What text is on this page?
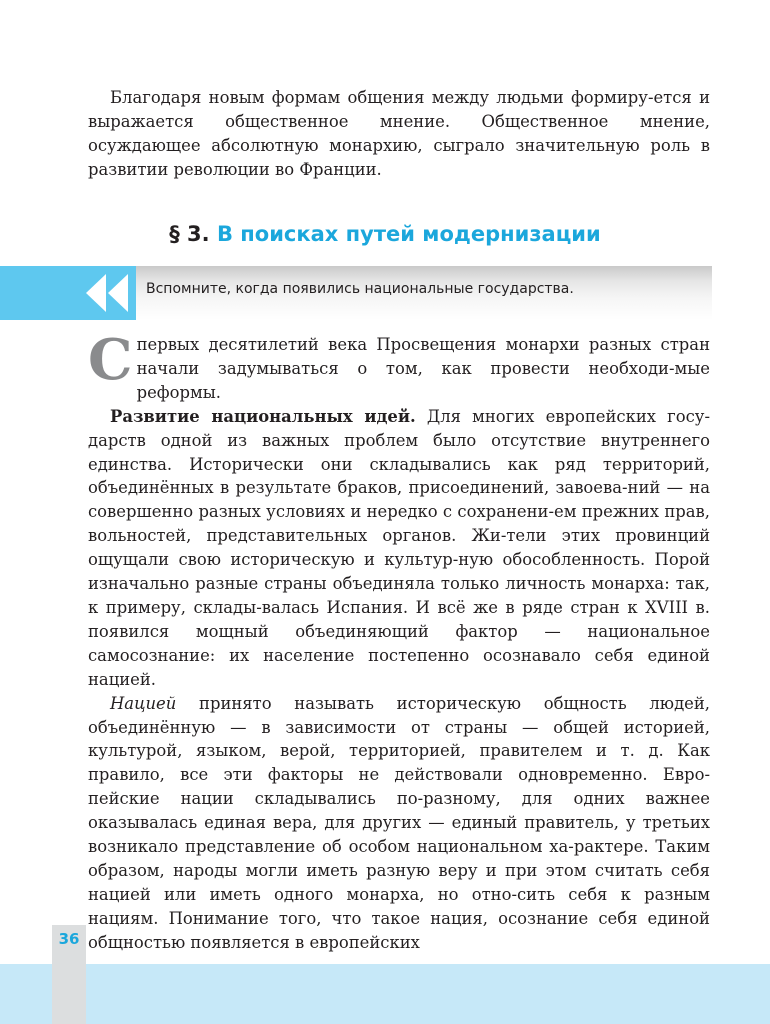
Благодаря новым формам общения между людьми формиру-ется и выражается общественное мнение. Общественное мнение, осуждающее абсолютную монархию, сыграло значительную роль в развитии революции во Франции.

§ 3. В поисках путей модернизации
Вспомните, когда появились национальные государства.

Спервых десятилетий века Просвещения монархи разных стран начали задумываться о том, как провести необходи-мые реформы.

Развитие национальных идей. Для многих европейских госу-дарств одной из важных проблем было отсутствие внутреннего единства. Исторически они складывались как ряд территорий, объединённых в результате браков, присоединений, завоева-ний — на совершенно разных условиях и нередко с сохранени-ем прежних прав, вольностей, представительных органов. Жи-тели этих провинций ощущали свою историческую и культур-ную обособленность. Порой изначально разные страны объединяла только личность монарха: так, к примеру, склады-валась Испания. И всё же в ряде стран к XVIII в. появился мощный объединяющий фактор — национальное самосознание: их население постепенно осознавало себя единой нацией.

Нацией принято называть историческую общность людей, объединённую — в зависимости от страны — общей историей, культурой, языком, верой, территорией, правителем и т. д. Как правило, все эти факторы не действовали одновременно. Евро-пейские нации складывались по-разному, для одних важнее оказывалась единая вера, для других — единый правитель, у третьих возникало представление об особом национальном ха-рактере. Таким образом, народы могли иметь разную веру и при этом считать себя нацией или иметь одного монарха, но отно-сить себя к разным нациям. Понимание того, что такое нация, осознание себя единой общностью появляется в европейских

36
